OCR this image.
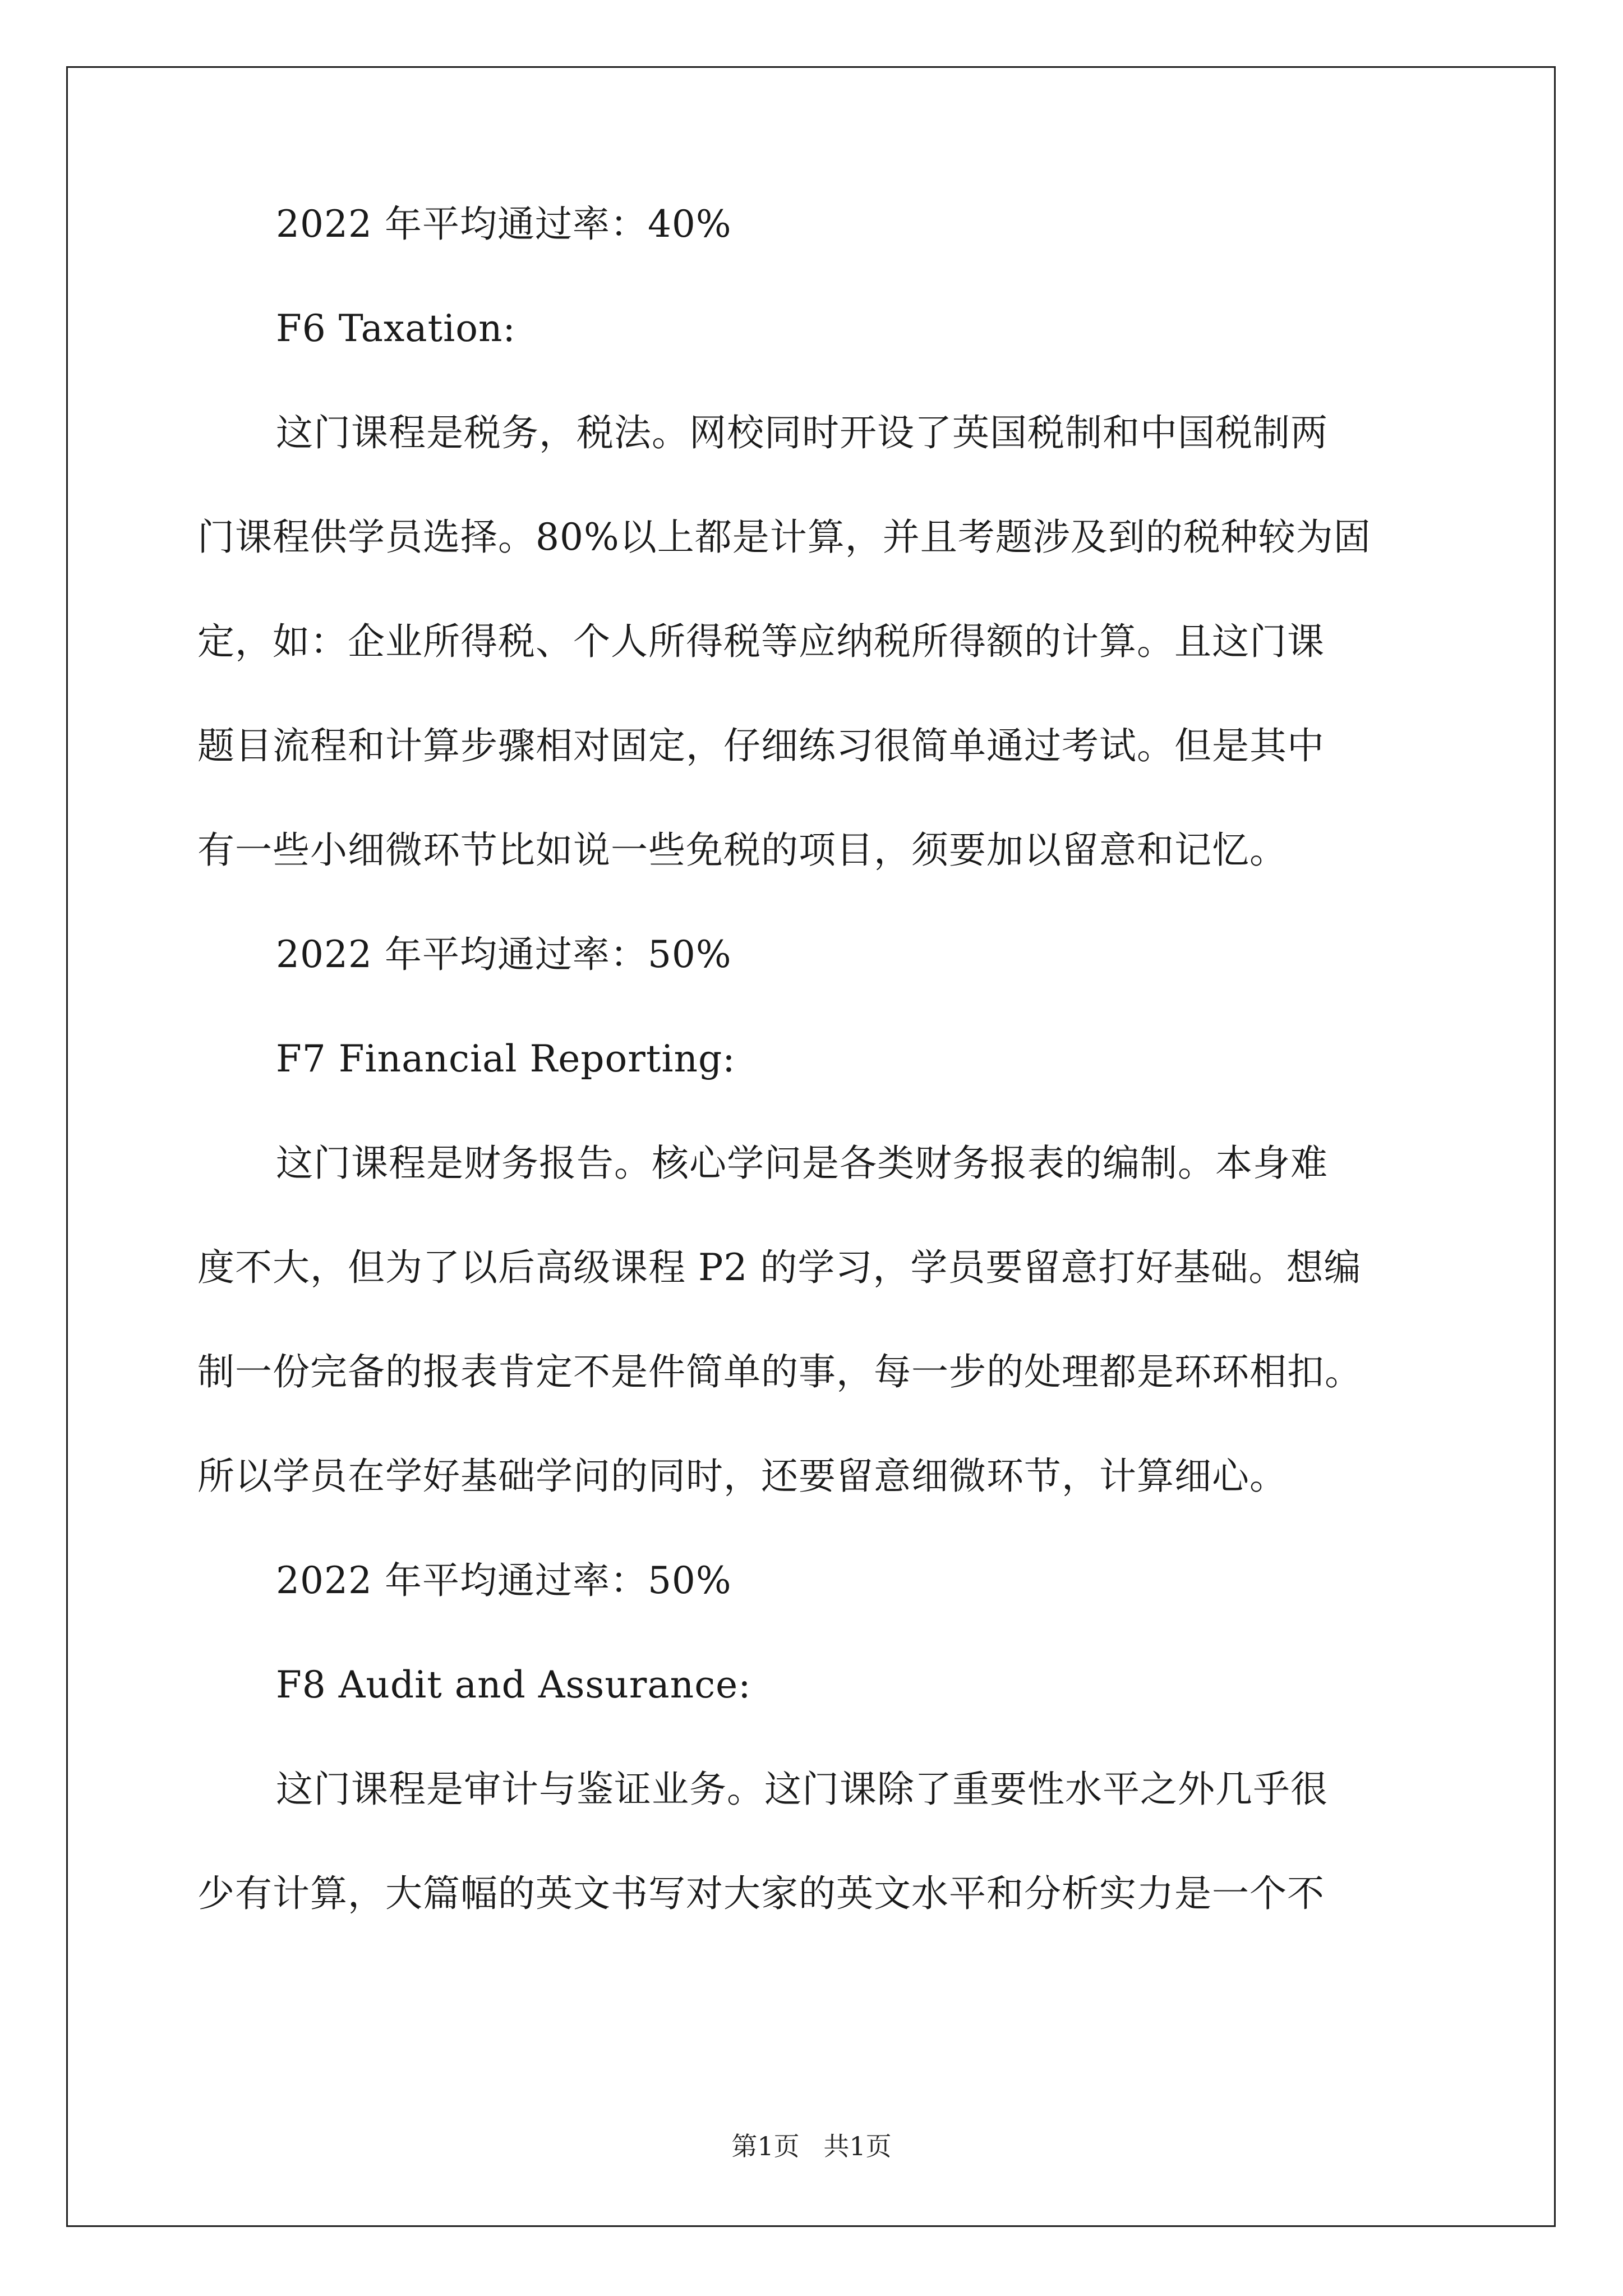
2022 年平均通过率：40%
F6 Taxation:
这门课程是税务，税法。网校同时开设了英国税制和中国税制两
门课程供学员选择。80%以上都是计算，并且考题涉及到的税种较为固
定，如：企业所得税、个人所得税等应纳税所得额的计算。且这门课
题目流程和计算步骤相对固定，仔细练习很简单通过考试。但是其中
有一些小细微环节比如说一些免税的项目，须要加以留意和记忆。
2022 年平均通过率：50%
F7 Financial Reporting:
这门课程是财务报告。核心学问是各类财务报表的编制。本身难
度不大，但为了以后高级课程 P2 的学习，学员要留意打好基础。想编
制一份完备的报表肯定不是件简单的事，每一步的处理都是环环相扣。
所以学员在学好基础学问的同时，还要留意细微环节，计算细心。
2022 年平均通过率：50%
F8 Audit and Assurance:
这门课程是审计与鉴证业务。这门课除了重要性水平之外几乎很
少有计算，大篇幅的英文书写对大家的英文水平和分析实力是一个不
第1页 共1页
